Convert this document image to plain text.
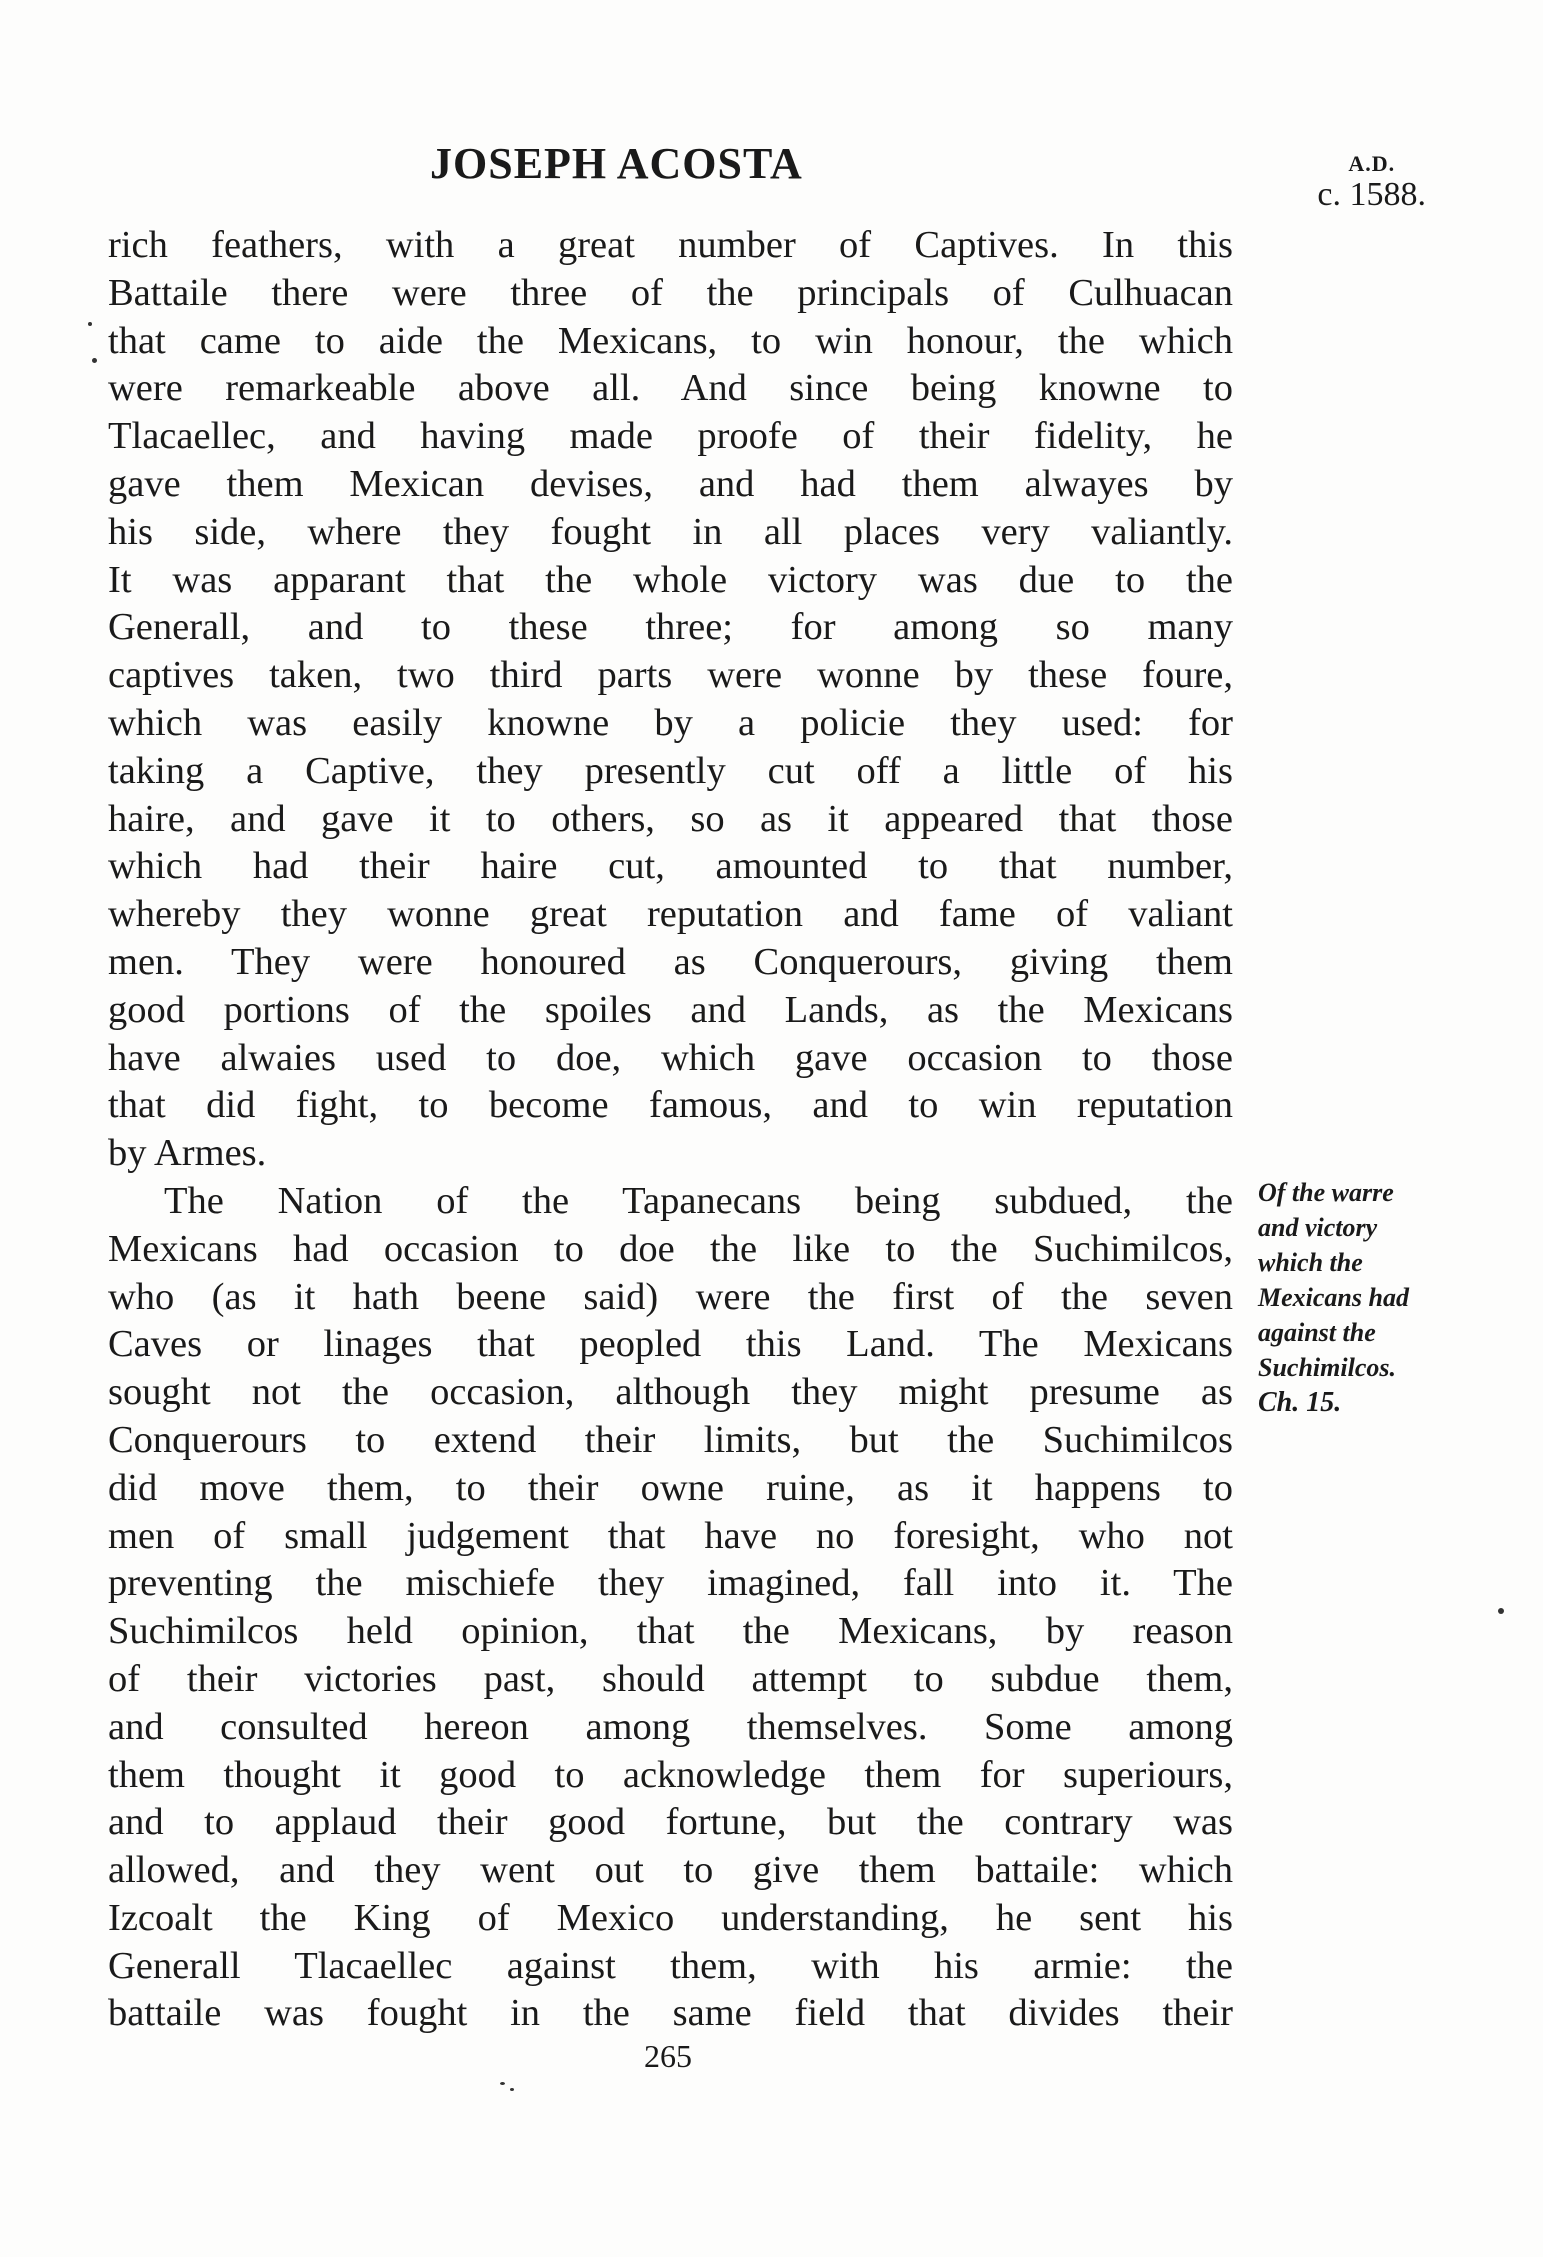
JOSEPH ACOSTA	A.D.
c. 1588.
rich feathers, with a great number of Captives. In this
Battaile there were three of the principals of Culhuacan
that came to aide the Mexicans, to win honour, the which
were remarkeable above all. And since being knowne to
Tlacaellec, and having made proofe of their fidelity, he
gave them Mexican devises, and had them alwayes by
his side, where they fought in all places very valiantly.
It was apparant that the whole victory was due to the
Generall, and to these three; for among so many
captives taken, two third parts were wonne by these foure,
which was easily knowne by a policie they used: for
taking a Captive, they presently cut off a little of his
haire, and gave it to others, so as it appeared that those
which had their haire cut, amounted to that number,
whereby they wonne great reputation and fame of valiant
men. They were honoured as Conquerours, giving them
good portions of the spoiles and Lands, as the Mexicans
have alwaies used to doe, which gave occasion to those
that did fight, to become famous, and to win reputation
by Armes.
The Nation of the Tapanecans being subdued, the
Mexicans had occasion to doe the like to the Suchimilcos,
who (as it hath beene said) were the first of the seven
Caves or linages that peopled this Land. The Mexicans
sought not the occasion, although they might presume as
Conquerours to extend their limits, but the Suchimilcos
did move them, to their owne ruine, as it happens to
men of small judgement that have no foresight, who not
preventing the mischiefe they imagined, fall into it. The
Suchimilcos held opinion, that the Mexicans, by reason
of their victories past, should attempt to subdue them,
and consulted hereon among themselves. Some among
them thought it good to acknowledge them for superiours,
and to applaud their good fortune, but the contrary was
allowed, and they went out to give them battaile: which
Izcoalt the King of Mexico understanding, he sent his
Generall Tlacaellec against them, with his armie: the
battaile was fought in the same field that divides their
Of the warre
and victory
which the
Mexicans had
against the
Suchimilcos.
Ch. 15.
265
